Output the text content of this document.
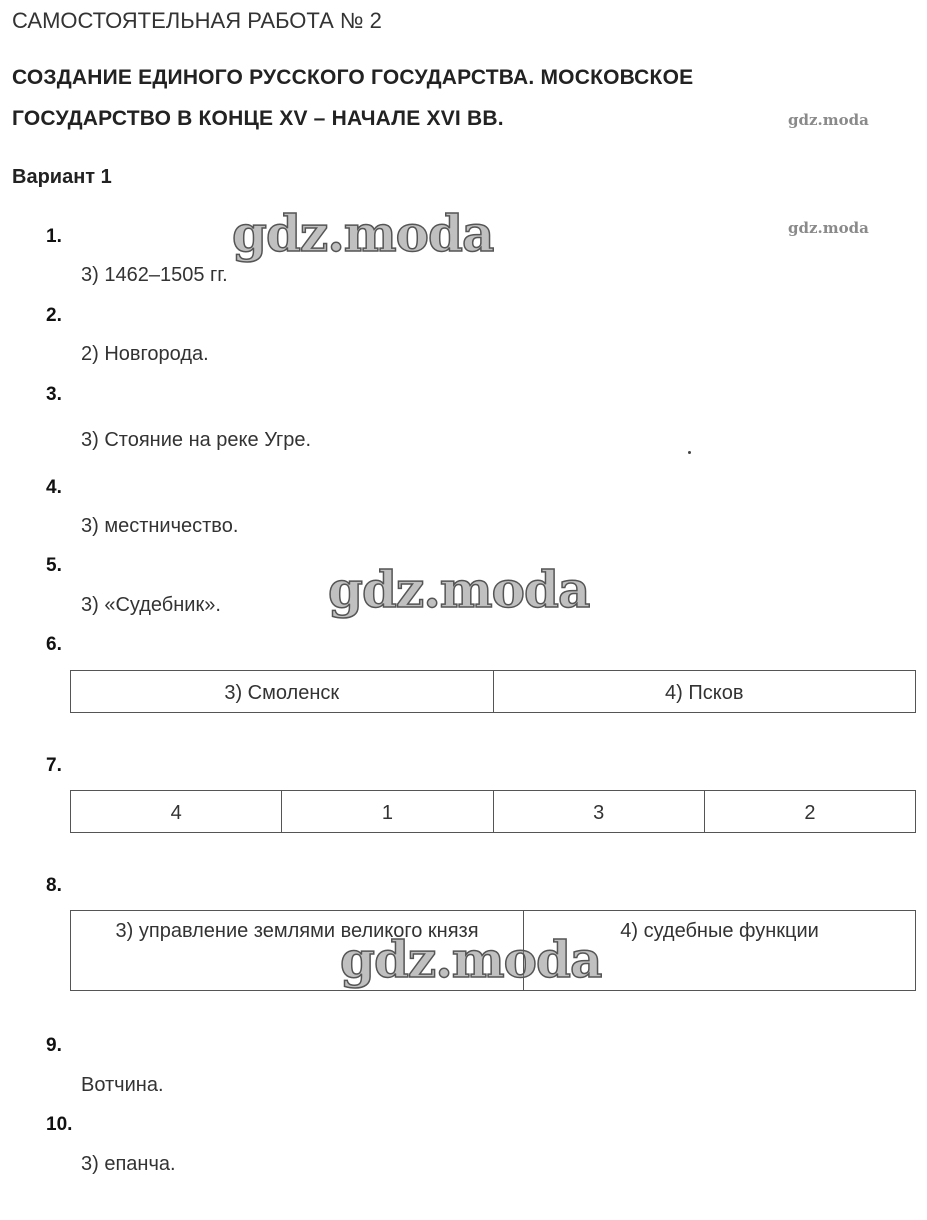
САМОСТОЯТЕЛЬНАЯ РАБОТА № 2
СОЗДАНИЕ ЕДИНОГО РУССКОГО ГОСУДАРСТВА. МОСКОВСКОЕ
ГОСУДАРСТВО В КОНЦЕ XV – НАЧАЛЕ XVI ВВ.
Вариант 1
1.
3) 1462–1505 гг.
2.
2) Новгорода.
3.
3) Стояние на реке Угре.
4.
3) местничество.
5.
3) «Судебник».
6.
3) Смоленск	4) Псков
7.
4	1	3	2
8.
3) управление землями великого князя	4) судебные функции
9.
Вотчина.
10.
3) епанча.
gdz.moda
gdz.moda
gdz.moda
gdz.moda
gdz.moda
